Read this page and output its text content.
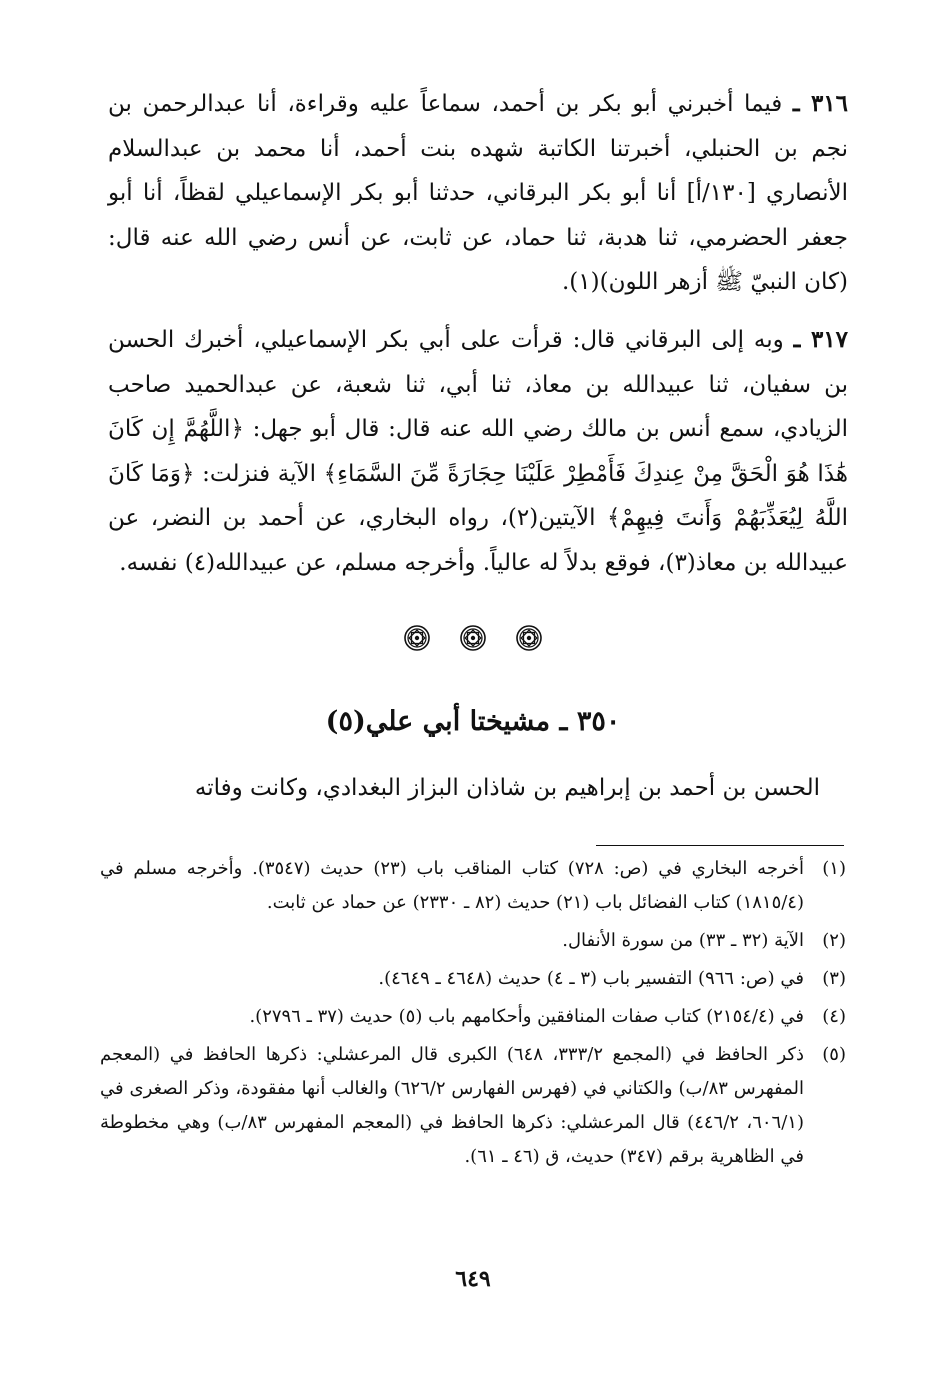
٣١٦ ـ فيما أخبرني أبو بكر بن أحمد، سماعاً عليه وقراءة، أنا عبدالرحمن بن نجم بن الحنبلي، أخبرتنا الكاتبة شهده بنت أحمد، أنا محمد بن عبدالسلام الأنصاري [١٣٠/أ] أنا أبو بكر البرقاني، حدثنا أبو بكر الإسماعيلي لقظاً، أنا أبو جعفر الحضرمي، ثنا هدبة، ثنا حماد، عن ثابت، عن أنس رضي الله عنه قال: (كان النبيّ ﷺ أزهر اللون)(١).

٣١٧ ـ وبه إلى البرقاني قال: قرأت على أبي بكر الإسماعيلي، أخبرك الحسن بن سفيان، ثنا عبيدالله بن معاذ، ثنا أبي، ثنا شعبة، عن عبدالحميد صاحب الزيادي، سمع أنس بن مالك رضي الله عنه قال: قال أبو جهل: ﴿اللَّهُمَّ إِن كَانَ هَٰذَا هُوَ الْحَقَّ مِنْ عِندِكَ فَأَمْطِرْ عَلَيْنَا حِجَارَةً مِّنَ السَّمَاءِ﴾ الآية فنزلت: ﴿وَمَا كَانَ اللَّهُ لِيُعَذِّبَهُمْ وَأَنتَ فِيهِمْ﴾ الآيتين(٢)، رواه البخاري، عن أحمد بن النضر، عن عبيدالله بن معاذ(٣)، فوقع بدلاً له عالياً. وأخرجه مسلم، عن عبيدالله(٤) نفسه.

٣٥٠ ـ مشيختا أبي علي(٥)

الحسن بن أحمد بن إبراهيم بن شاذان البزاز البغدادي، وكانت وفاته

(١)
أخرجه البخاري في (ص: ٧٢٨) كتاب المناقب باب (٢٣) حديث (٣٥٤٧). وأخرجه مسلم في (١٨١٥/٤) كتاب الفضائل باب (٢١) حديث (٨٢ ـ ٢٣٣٠) عن حماد عن ثابت.
(٢)
الآية (٣٢ ـ ٣٣) من سورة الأنفال.
(٣)
في (ص: ٩٦٦) التفسير باب (٣ ـ ٤) حديث (٤٦٤٨ ـ ٤٦٤٩).
(٤)
في (٢١٥٤/٤) كتاب صفات المنافقين وأحكامهم باب (٥) حديث (٣٧ ـ ٢٧٩٦).
(٥)
ذكر الحافظ في (المجمع ٣٣٣/٢، ٦٤٨) الكبرى قال المرعشلي: ذكرها الحافظ في (المعجم المفهرس ٨٣/ب) والكتاني في (فهرس الفهارس ٦٢٦/٢) والغالب أنها مفقودة، وذكر الصغرى في (٦٠٦/١، ٤٤٦/٢) قال المرعشلي: ذكرها الحافظ في (المعجم المفهرس ٨٣/ب) وهي مخطوطة في الظاهرية برقم (٣٤٧) حديث، ق (٤٦ ـ ٦١).
٦٤٩
